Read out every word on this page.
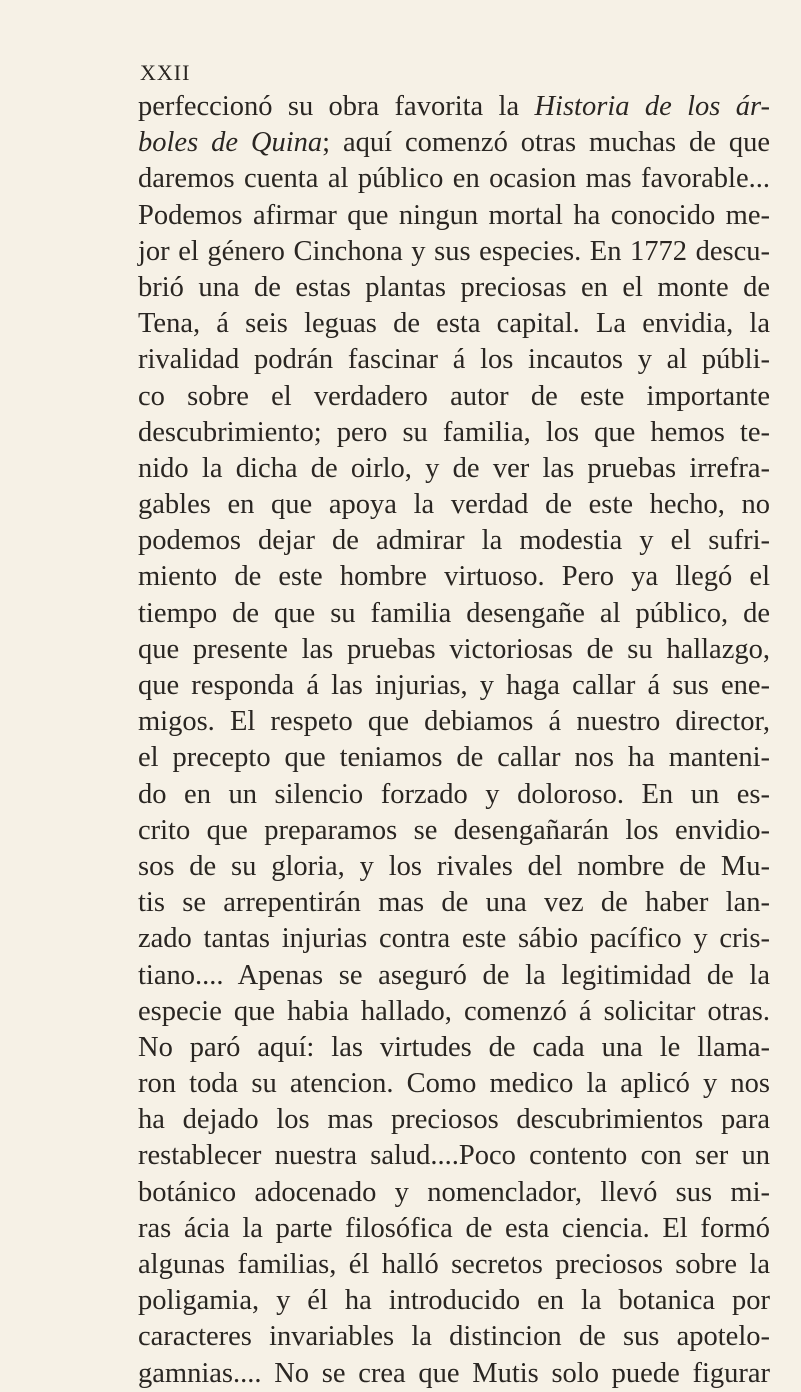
XXII
perfeccionó su obra favorita la Historia de los ár-
boles de Quina; aquí comenzó otras muchas de que
daremos cuenta al público en ocasion mas favorable...
Podemos afirmar que ningun mortal ha conocido me-
jor el género Cinchona y sus especies. En 1772 descu-
brió una de estas plantas preciosas en el monte de
Tena, á seis leguas de esta capital. La envidia, la
rivalidad podrán fascinar á los incautos y al públi-
co sobre el verdadero autor de este importante
descubrimiento; pero su familia, los que hemos te-
nido la dicha de oirlo, y de ver las pruebas irrefra-
gables en que apoya la verdad de este hecho, no
podemos dejar de admirar la modestia y el sufri-
miento de este hombre virtuoso. Pero ya llegó el
tiempo de que su familia desengañe al público, de
que presente las pruebas victoriosas de su hallazgo,
que responda á las injurias, y haga callar á sus ene-
migos. El respeto que debiamos á nuestro director,
el precepto que teniamos de callar nos ha manteni-
do en un silencio forzado y doloroso. En un es-
crito que preparamos se desengañarán los envidio-
sos de su gloria, y los rivales del nombre de Mu-
tis se arrepentirán mas de una vez de haber lan-
zado tantas injurias contra este sábio pacífico y cris-
tiano.... Apenas se aseguró de la legitimidad de la
especie que habia hallado, comenzó á solicitar otras.
No paró aquí: las virtudes de cada una le llama-
ron toda su atencion. Como medico la aplicó y nos
ha dejado los mas preciosos descubrimientos para
restablecer nuestra salud....Poco contento con ser un
botánico adocenado y nomenclador, llevó sus mi-
ras ácia la parte filosófica de esta ciencia. El formó
algunas familias, él halló secretos preciosos sobre la
poligamia, y él ha introducido en la botanica por
caracteres invariables la distincion de sus apotelo-
gamnias.... No se crea que Mutis solo puede figurar
